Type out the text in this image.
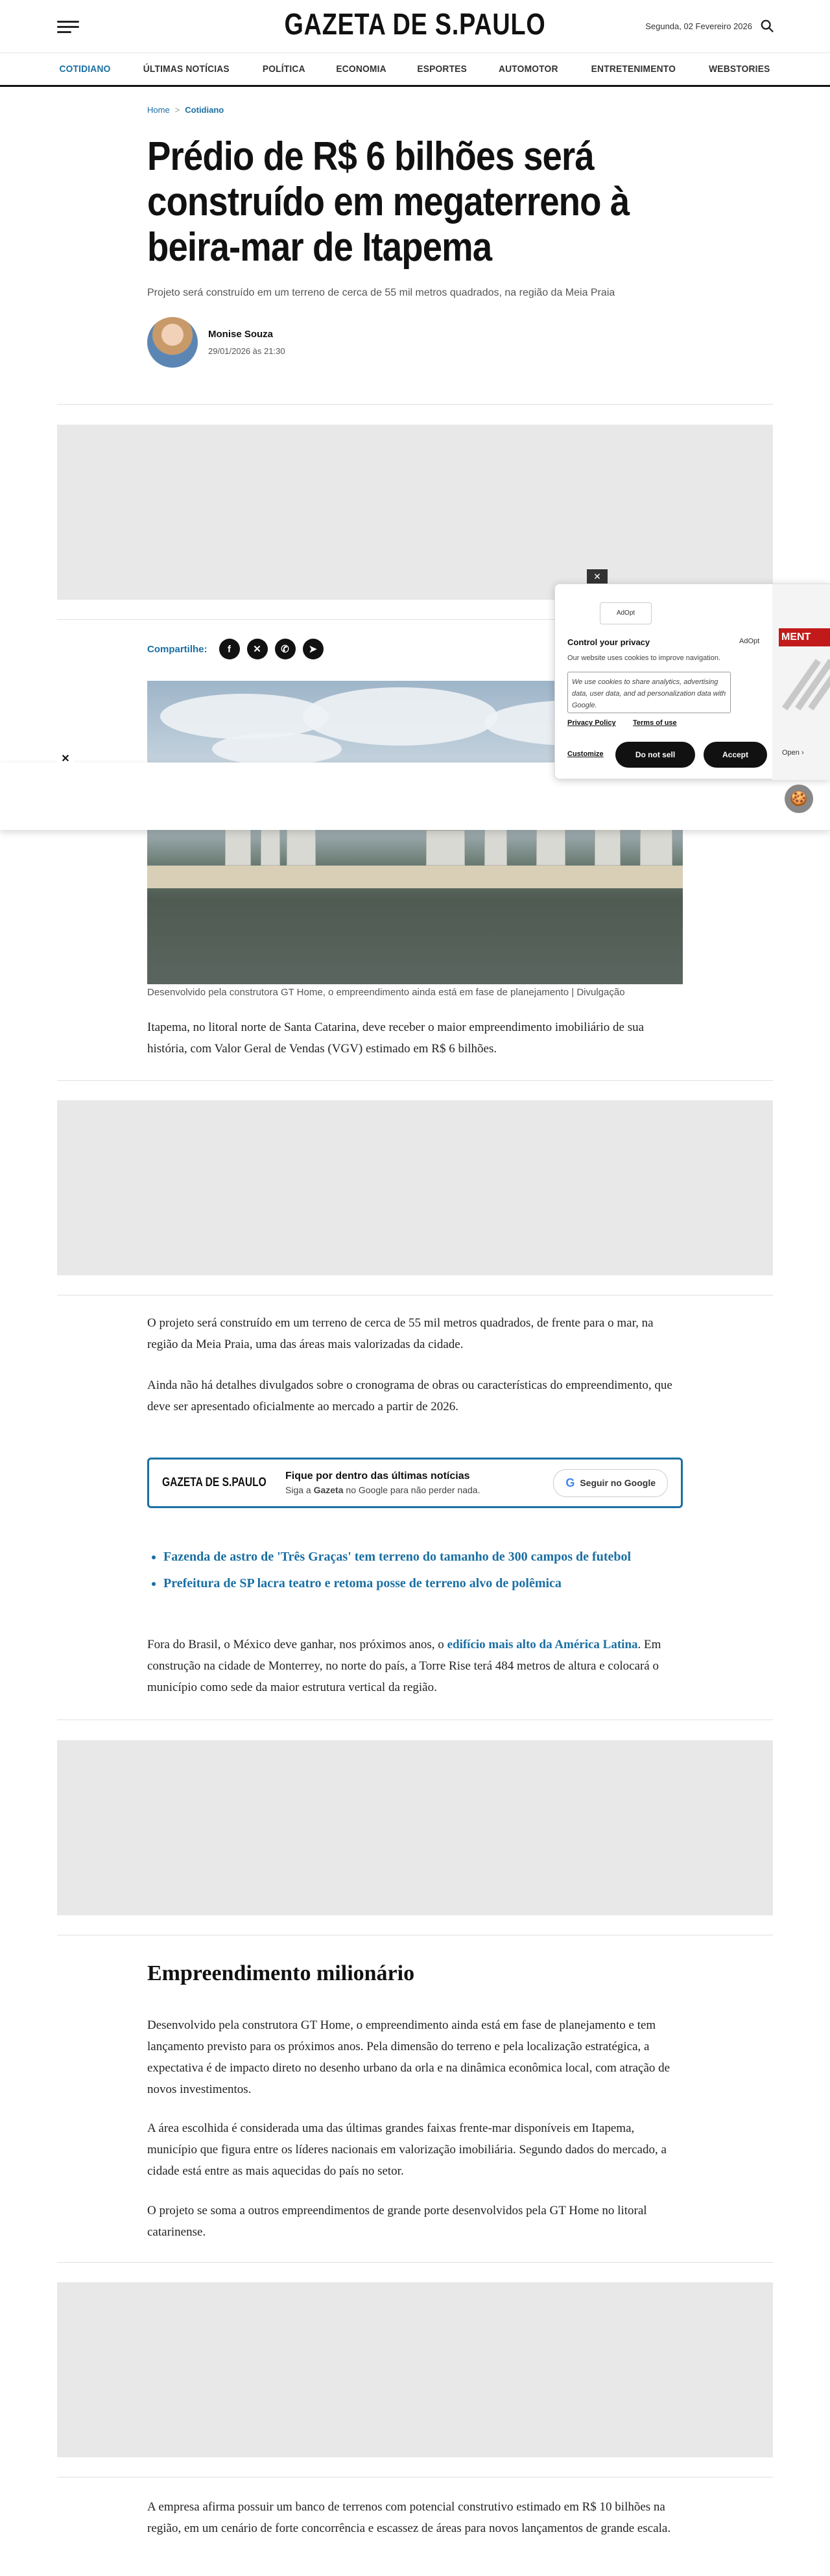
GAZETA DE S.PAULO	Segunda, 02 Fevereiro 2026
COTIDIANO	ÚLTIMAS NOTÍCIAS	POLÍTICA	ECONOMIA	ESPORTES	AUTOMOTOR	ENTRETENIMENTO	WEBSTORIES
Home > Cotidiano
Prédio de R$ 6 bilhões será construído em megaterreno à beira-mar de Itapema
Projeto será construído em um terreno de cerca de 55 mil metros quadrados, na região da Meia Praia
Monise Souza
29/01/2026 às 21:30
Compartilhe:	f	✕	✆	➤
Desenvolvido pela construtora GT Home, o empreendimento ainda está em fase de planejamento | Divulgação
Itapema, no litoral norte de Santa Catarina, deve receber o maior empreendimento imobiliário de sua história, com Valor Geral de Vendas (VGV) estimado em R$ 6 bilhões.
O projeto será construído em um terreno de cerca de 55 mil metros quadrados, de frente para o mar, na região da Meia Praia, uma das áreas mais valorizadas da cidade.
Ainda não há detalhes divulgados sobre o cronograma de obras ou características do empreendimento, que deve ser apresentado oficialmente ao mercado a partir de 2026.
GAZETA DE S.PAULO Fique por dentro das últimas notícias
Siga a Gazeta no Google para não perder nada.
G Seguir no Google
• Fazenda de astro de 'Três Graças' tem terreno do tamanho de 300 campos de futebol
• Prefeitura de SP lacra teatro e retoma posse de terreno alvo de polêmica
Fora do Brasil, o México deve ganhar, nos próximos anos, o edifício mais alto da América Latina. Em construção na cidade de Monterrey, no norte do país, a Torre Rise terá 484 metros de altura e colocará o município como sede da maior estrutura vertical da região.
Empreendimento milionário
Desenvolvido pela construtora GT Home, o empreendimento ainda está em fase de planejamento e tem lançamento previsto para os próximos anos. Pela dimensão do terreno e pela localização estratégica, a expectativa é de impacto direto no desenho urbano da orla e na dinâmica econômica local, com atração de novos investimentos.
A área escolhida é considerada uma das últimas grandes faixas frente-mar disponíveis em Itapema, município que figura entre os líderes nacionais em valorização imobiliária. Segundo dados do mercado, a cidade está entre as mais aquecidas do país no setor.
O projeto se soma a outros empreendimentos de grande porte desenvolvidos pela GT Home no litoral catarinense.
A empresa afirma possuir um banco de terrenos com potencial construtivo estimado em R$ 10 bilhões na região, em um cenário de forte concorrência e escassez de áreas para novos lançamentos de grande escala.
✕
✕
AdOpt
Control your privacy	AdOpt
Our website uses cookies to improve navigation.
We use cookies to share analytics, advertising data, user data, and ad personalization data with Google.
Privacy Policy Terms of use
Customize	Do not sell	Accept
MENT
Open ›
🍪
